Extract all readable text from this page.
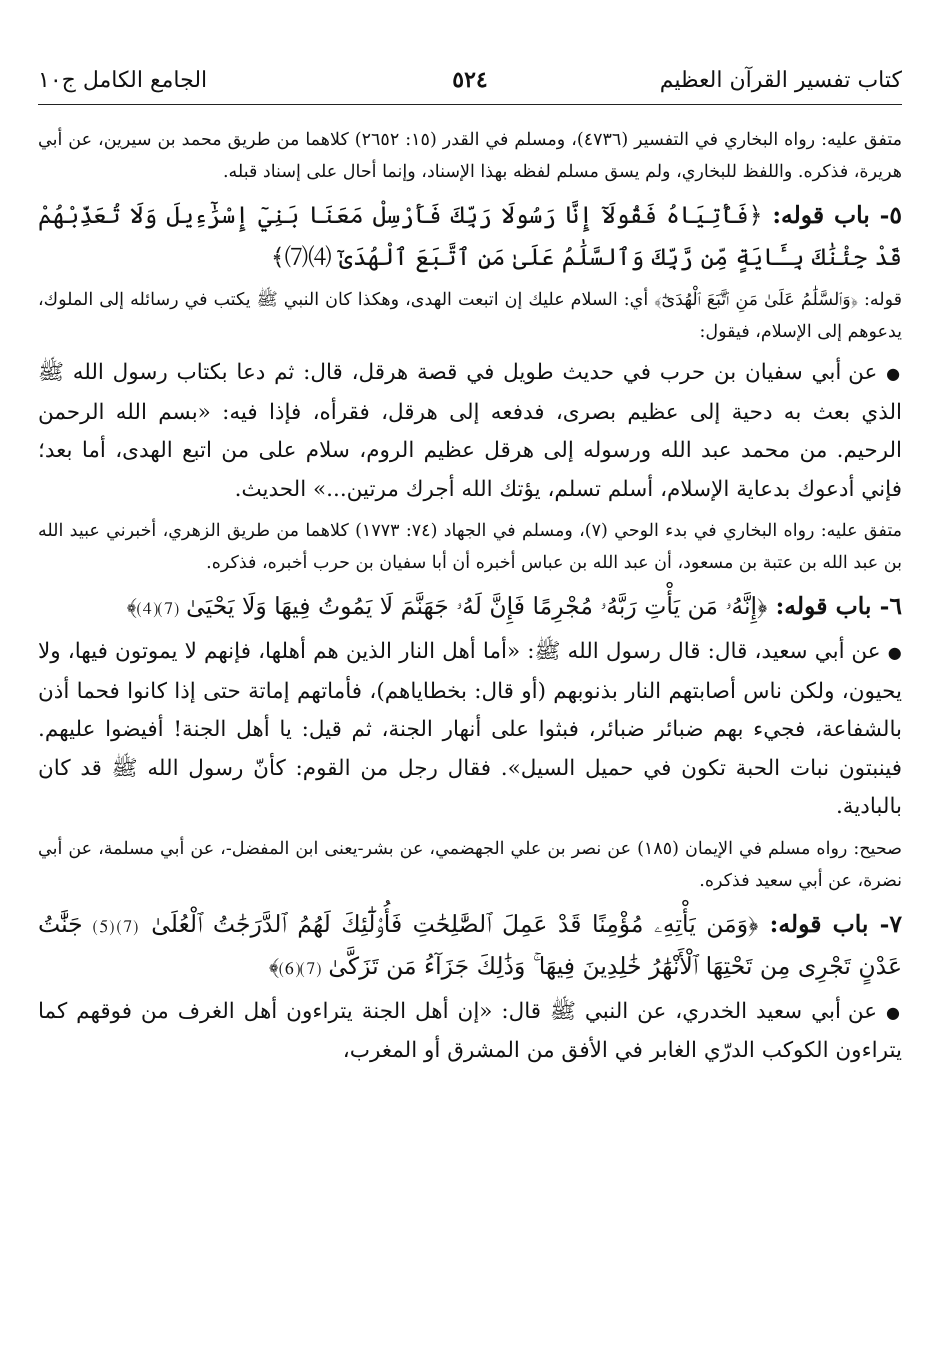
كتاب تفسير القرآن العظيم
٥٢٤
الجامع الكامل ج١٠

متفق عليه: رواه البخاري في التفسير (٤٧٣٦)، ومسلم في القدر (١٥: ٢٦٥٢) كلاهما من طريق محمد بن سيرين، عن أبي هريرة، فذكره. واللفظ للبخاري، ولم يسق مسلم لفظه بهذا الإسناد، وإنما أحال على إسناد قبله.

٥- باب قوله: ﴿فَأْتِيَاهُ فَقُولَآ إِنَّا رَسُولَا رَبِّكَ فَأَرْسِلْ مَعَنَا بَنِيٓ إِسْرَٰٓءِيلَ وَلَا تُعَذِّبْهُمْ قَدْ جِئْنَٰكَ بِـَٔايَةٍ مِّن رَّبِّكَ وَٱلسَّلَٰمُ عَلَىٰ مَنِ ٱتَّبَعَ ٱلْهُدَىٰٓ ⑷⑺﴾

قوله: ﴿وَٱلسَّلَٰمُ عَلَىٰ مَنِ ٱتَّبَعَ ٱلْهُدَىٰٓ﴾ أي: السلام عليك إن اتبعت الهدى، وهكذا كان النبي ﷺ يكتب في رسائله إلى الملوك، يدعوهم إلى الإسلام، فيقول:

● عن أبي سفيان بن حرب في حديث طويل في قصة هرقل، قال: ثم دعا بكتاب رسول الله ﷺ الذي بعث به دحية إلى عظيم بصرى، فدفعه إلى هرقل، فقرأه، فإذا فيه: «بسم الله الرحمن الرحيم. من محمد عبد الله ورسوله إلى هرقل عظيم الروم، سلام على من اتبع الهدى، أما بعد؛ فإني أدعوك بدعاية الإسلام، أسلم تسلم، يؤتك الله أجرك مرتين...» الحديث.

متفق عليه: رواه البخاري في بدء الوحي (٧)، ومسلم في الجهاد (٧٤: ١٧٧٣) كلاهما من طريق الزهري، أخبرني عبيد الله بن عبد الله بن عتبة بن مسعود، أن عبد الله بن عباس أخبره أن أبا سفيان بن حرب أخبره، فذكره.

٦- باب قوله: ﴿إِنَّهُۥ مَن يَأْتِ رَبَّهُۥ مُجْرِمًا فَإِنَّ لَهُۥ جَهَنَّمَ لَا يَمُوتُ فِيهَا وَلَا يَحْيَىٰ ⑺⑷﴾

● عن أبي سعيد، قال: قال رسول الله ﷺ: «أما أهل النار الذين هم أهلها، فإنهم لا يموتون فيها، ولا يحيون، ولكن ناس أصابتهم النار بذنوبهم (أو قال: بخطاياهم)، فأماتهم إماتة حتى إذا كانوا فحما أذن بالشفاعة، فجيء بهم ضبائر ضبائر، فبثوا على أنهار الجنة، ثم قيل: يا أهل الجنة! أفيضوا عليهم. فينبتون نبات الحبة تكون في حميل السيل». فقال رجل من القوم: كأنّ رسول الله ﷺ قد كان بالبادية.

صحيح: رواه مسلم في الإيمان (١٨٥) عن نصر بن علي الجهضمي، عن بشر-يعنى ابن المفضل-، عن أبي مسلمة، عن أبي نضرة، عن أبي سعيد فذكره.

٧- باب قوله: ﴿وَمَن يَأْتِهِۦ مُؤْمِنًا قَدْ عَمِلَ ٱلصَّٰلِحَٰتِ فَأُو۟لَٰٓئِكَ لَهُمُ ٱلدَّرَجَٰتُ ٱلْعُلَىٰ ⑺⑸ جَنَّٰتُ عَدْنٍ تَجْرِى مِن تَحْتِهَا ٱلْأَنْهَٰرُ خَٰلِدِينَ فِيهَا ۚ وَذَٰلِكَ جَزَآءُ مَن تَزَكَّىٰ ⑺⑹﴾

● عن أبي سعيد الخدري، عن النبي ﷺ قال: «إن أهل الجنة يتراءون أهل الغرف من فوقهم كما يتراءون الكوكب الدرّي الغابر في الأفق من المشرق أو المغرب،
